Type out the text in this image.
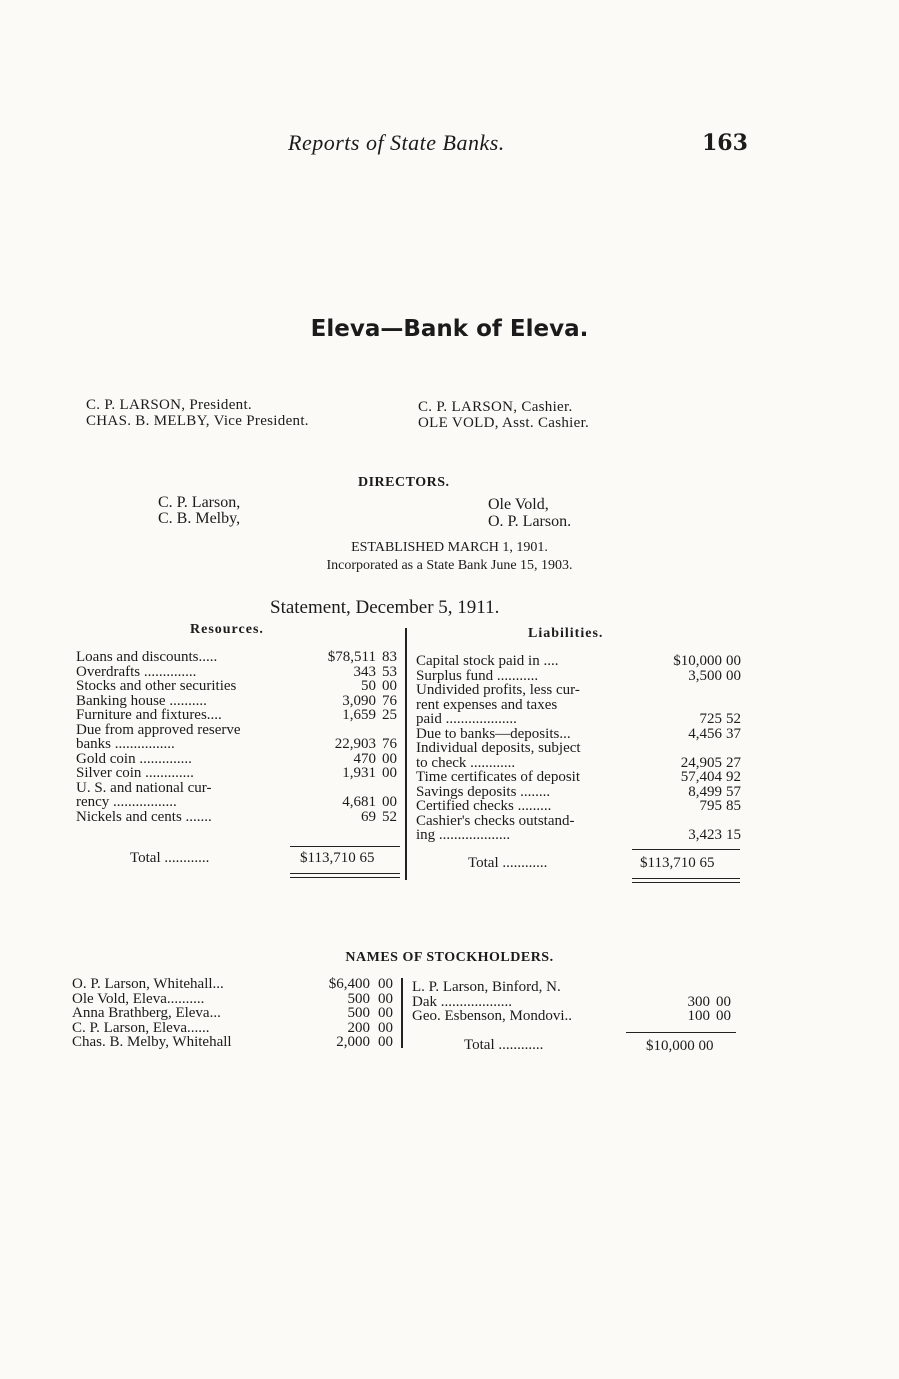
Reports of State Banks.	163
Eleva—Bank of Eleva.
C. P. LARSON, President.
CHAS. B. MELBY, Vice President.
C. P. LARSON, Cashier.
OLE VOLD, Asst. Cashier.
DIRECTORS.
C. P. Larson,
C. B. Melby,
Ole Vold,
O. P. Larson.
ESTABLISHED MARCH 1, 1901.
Incorporated as a State Bank June 15, 1903.
Statement, December 5, 1911.
Resources.	Liabilities.
Loans and discounts.....	$78,511 83
Overdrafts ..............	343 53
Stocks and other securities	50 00
Banking house ..........	3,090 76
Furniture and fixtures....	1,659 25
Due from approved reserve
banks ................	22,903 76
Gold coin ..............	470 00
Silver coin .............	1,931 00
U. S. and national cur-
rency .................	4,681 00
Nickels and cents .......	69 52
Capital stock paid in ....	$10,000 00
Surplus fund ...........	3,500 00
Undivided profits, less cur-
rent expenses and taxes
paid ...................	725 52
Due to banks—deposits...	4,456 37
Individual deposits, subject
to check ............	24,905 27
Time certificates of deposit	57,404 92
Savings deposits ........	8,499 57
Certified checks .........	795 85
Cashier's checks outstand-
ing ...................	3,423 15
Total ............	$113,710 65	Total ............	$113,710 65
NAMES OF STOCKHOLDERS.
O. P. Larson, Whitehall...	$6,400 00
Ole Vold, Eleva..........	500 00
Anna Brathberg, Eleva...	500 00
C. P. Larson, Eleva......	200 00
Chas. B. Melby, Whitehall	2,000 00
L. P. Larson, Binford, N.
Dak ...................	300 00
Geo. Esbenson, Mondovi..	100 00
Total ............	$10,000 00
